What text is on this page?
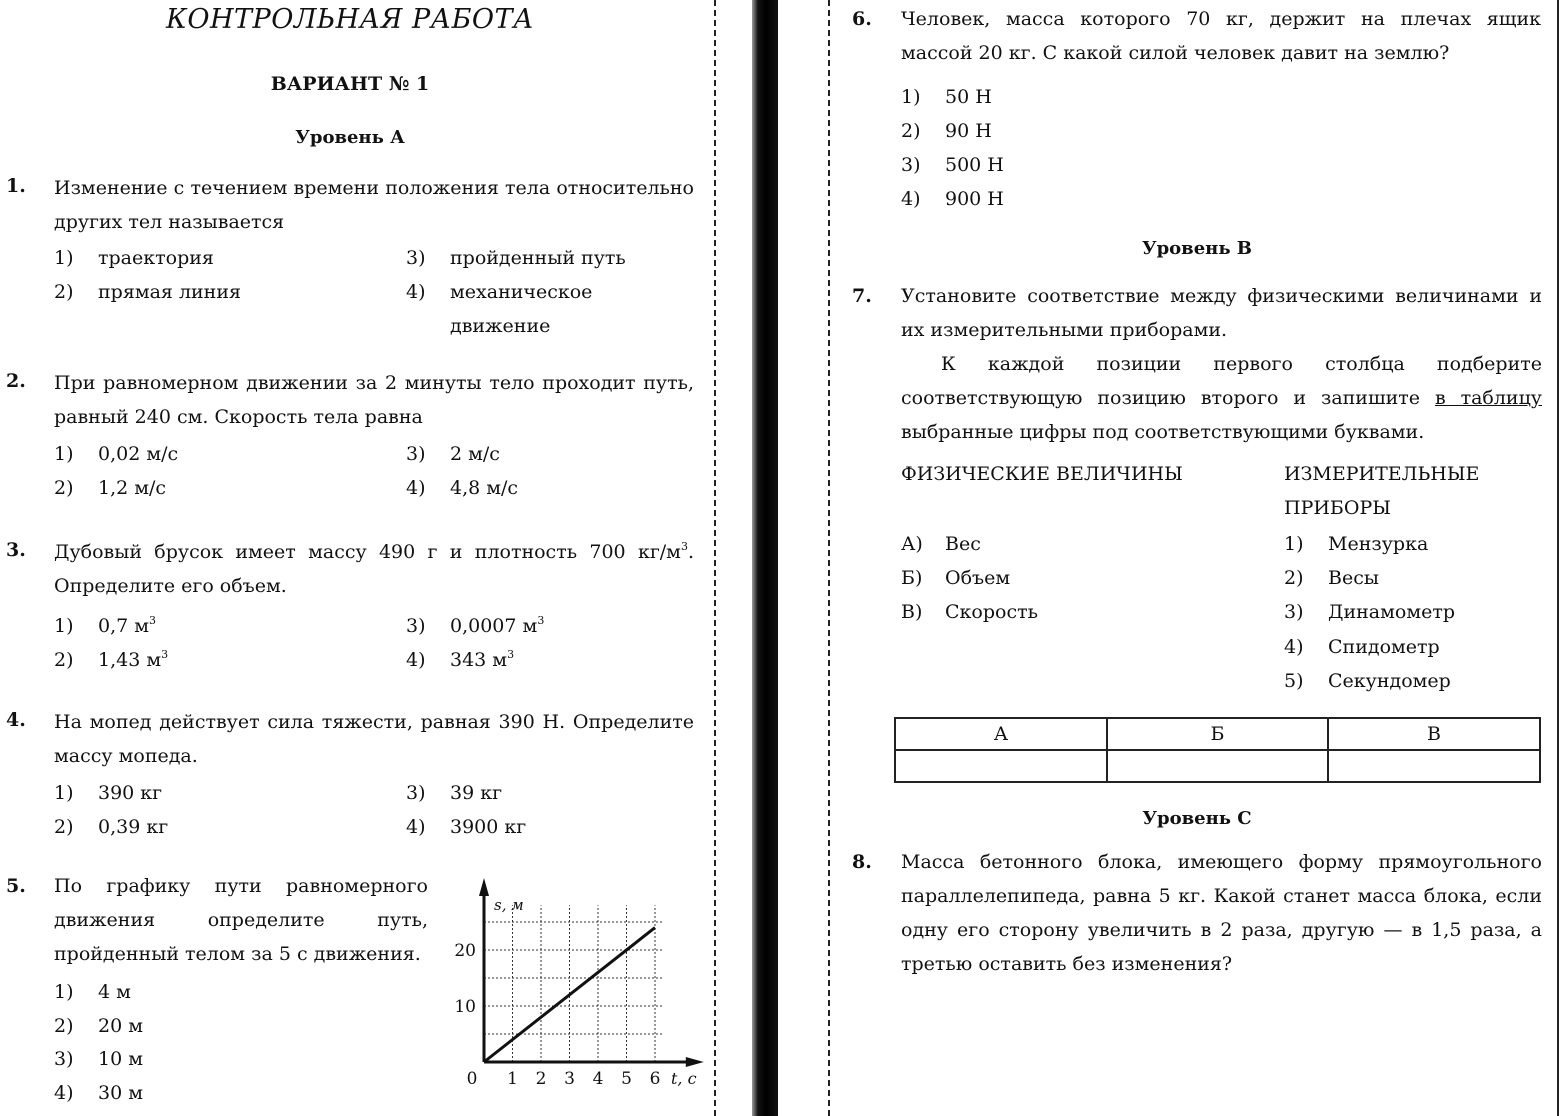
КОНТРОЛЬНАЯ РАБОТА
ВАРИАНТ № 1
Уровень А
1. Изменение с течением времени положения тела относительно других тел называется
1) траектория
2) прямая линия
3) пройденный путь
4)	механическое движение
2. При равномерном движении за 2 минуты тело проходит путь, равный 240 см. Скорость тела равна
1) 0,02 м/с
2) 1,2 м/с
3) 2 м/с
4) 4,8 м/с
3. Дубовый брусок имеет массу 490 г и плотность 700 $кг/м^3$. Определите его объем.
1) 0,7 $м^3$
2) 1,43 $м^3$
3) 0,0007 $м^3$
4) 343 $м^3$
4. На мопед действует сила тяжести, равная 390 Н. Определите массу мопеда.
1) 390 кг
2) 0,39 кг
3) 39 кг
4) 3900 кг
5. По графику пути равномерного движения определите путь, пройденный телом за 5 с движения.
1) 4 м
2) 20 м
3) 10 м
4) 30 м
0 1 2 3 4 5 6
10
20
t, с
s, м
6. Человек, масса которого 70 кг, держит на плечах ящик массой 20 кг. С какой силой человек давит на землю?
1) 50 Н
2) 90 Н
3) 500 Н
4) 900 Н
Уровень В
7. Установите соответствие между физическими величинами и их измерительными приборами.
К каждой позиции первого столбца подберите соответствующую позицию второго и запишите в таблицу выбранные цифры под соответствующими буквами.
ФИЗИЧЕСКИЕ ВЕЛИЧИНЫ	ИЗМЕРИТЕЛЬНЫЕ ПРИБОРЫ
А) Вес
Б) Объем
В) Скорость
1) Мензурка
2) Весы
3) Динамометр
4) Спидометр
5) Секундомер
Уровень С
8. Масса бетонного блока, имеющего форму прямоугольного параллелепипеда, равна 5 кг. Какой станет масса блока, если одну его сторону увеличить в 2 раза, другую — в 1,5 раза, а третью оставить без изменения?
А	Б	В
